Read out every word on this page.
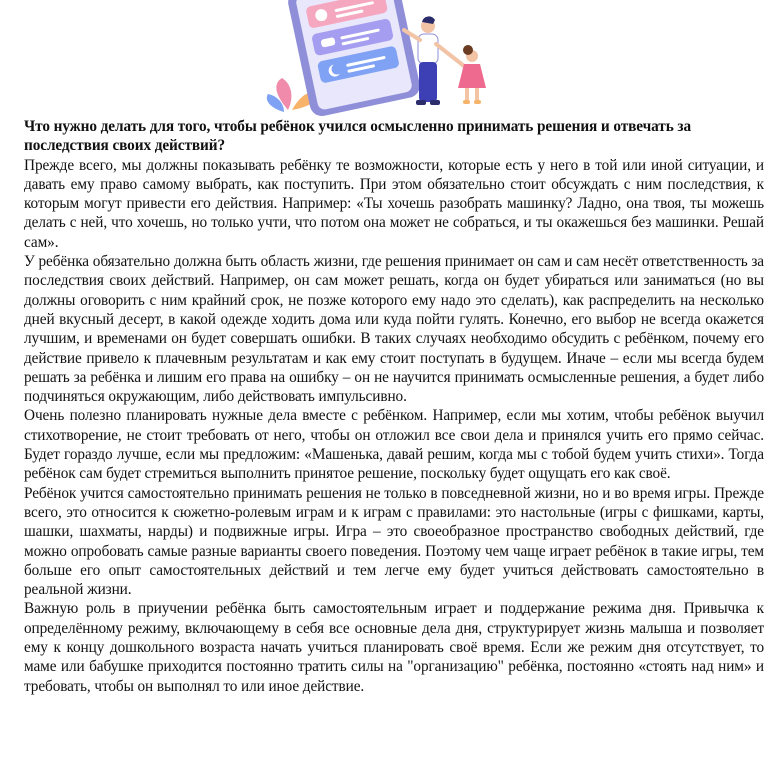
Что нужно делать для того, чтобы ребёнок учился осмысленно принимать решения и отвечать за последствия своих действий?

Прежде всего, мы должны показывать ребёнку те возможности, которые есть у него в той или иной ситуации, и давать ему право самому выбрать, как поступить. При этом обязательно стоит обсуждать с ним последствия, к которым могут привести его действия. Например: «Ты хочешь разобрать машинку? Ладно, она твоя, ты можешь делать с ней, что хочешь, но только учти, что потом она может не собраться, и ты окажешься без машинки. Решай сам».

У ребёнка обязательно должна быть область жизни, где решения принимает он сам и сам несёт ответственность за последствия своих действий. Например, он сам может решать, когда он будет убираться или заниматься (но вы должны оговорить с ним крайний срок, не позже которого ему надо это сделать), как распределить на несколько дней вкусный десерт, в какой одежде ходить дома или куда пойти гулять. Конечно, его выбор не всегда окажется лучшим, и временами он будет совершать ошибки. В таких случаях необходимо обсудить с ребёнком, почему его действие привело к плачевным результатам и как ему стоит поступать в будущем. Иначе – если мы всегда будем решать за ребёнка и лишим его права на ошибку – он не научится принимать осмысленные решения, а будет либо подчиняться окружающим, либо действовать импульсивно.

Очень полезно планировать нужные дела вместе с ребёнком. Например, если мы хотим, чтобы ребёнок выучил стихотворение, не стоит требовать от него, чтобы он отложил все свои дела и принялся учить его прямо сейчас. Будет гораздо лучше, если мы предложим: «Машенька, давай решим, когда мы с тобой будем учить стихи». Тогда ребёнок сам будет стремиться выполнить принятое решение, поскольку будет ощущать его как своё.

Ребёнок учится самостоятельно принимать решения не только в повседневной жизни, но и во время игры. Прежде всего, это относится к сюжетно-ролевым играм и к играм с правилами: это настольные (игры с фишками, карты, шашки, шахматы, нарды) и подвижные игры. Игра – это своеобразное пространство свободных действий, где можно опробовать самые разные варианты своего поведения. Поэтому чем чаще играет ребёнок в такие игры, тем больше его опыт самостоятельных действий и тем легче ему будет учиться действовать самостоятельно в реальной жизни.

Важную роль в приучении ребёнка быть самостоятельным играет и поддержание режима дня. Привычка к определённому режиму, включающему в себя все основные дела дня, структурирует жизнь малыша и позволяет ему к концу дошкольного возраста начать учиться планировать своё время. Если же режим дня отсутствует, то маме или бабушке приходится постоянно тратить силы на "организацию" ребёнка, постоянно «стоять над ним» и требовать, чтобы он выполнял то или иное действие.
